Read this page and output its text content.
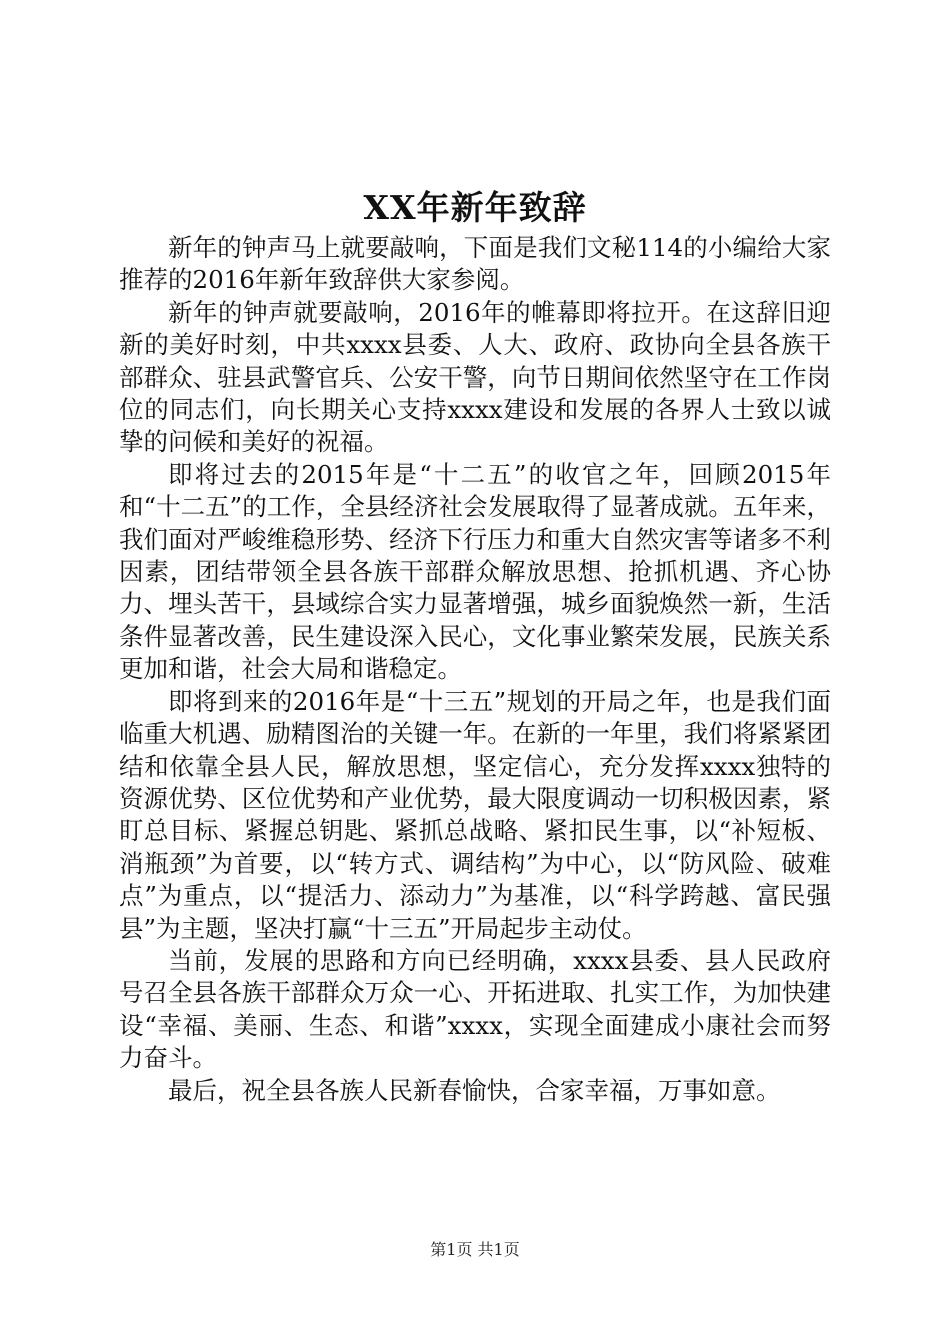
XX年新年致辞

新年的钟声马上就要敲响，下面是我们文秘114的小编给大家推荐的2016年新年致辞供大家参阅。

新年的钟声就要敲响，2016年的帷幕即将拉开。在这辞旧迎新的美好时刻，中共xxxx县委、人大、政府、政协向全县各族干部群众、驻县武警官兵、公安干警，向节日期间依然坚守在工作岗位的同志们，向长期关心支持xxxx建设和发展的各界人士致以诚挚的问候和美好的祝福。

即将过去的2015年是“十二五”的收官之年，回顾2015年和“十二五”的工作，全县经济社会发展取得了显著成就。五年来，我们面对严峻维稳形势、经济下行压力和重大自然灾害等诸多不利因素，团结带领全县各族干部群众解放思想、抢抓机遇、齐心协力、埋头苦干，县域综合实力显著增强，城乡面貌焕然一新，生活条件显著改善，民生建设深入民心，文化事业繁荣发展，民族关系更加和谐，社会大局和谐稳定。

即将到来的2016年是“十三五”规划的开局之年，也是我们面临重大机遇、励精图治的关键一年。在新的一年里，我们将紧紧团结和依靠全县人民，解放思想，坚定信心，充分发挥xxxx独特的资源优势、区位优势和产业优势，最大限度调动一切积极因素，紧盯总目标、紧握总钥匙、紧抓总战略、紧扣民生事，以“补短板、消瓶颈”为首要，以“转方式、调结构”为中心，以“防风险、破难点”为重点，以“提活力、添动力”为基准，以“科学跨越、富民强县”为主题，坚决打赢“十三五”开局起步主动仗。

当前，发展的思路和方向已经明确，xxxx县委、县人民政府号召全县各族干部群众万众一心、开拓进取、扎实工作，为加快建设“幸福、美丽、生态、和谐”xxxx，实现全面建成小康社会而努力奋斗。

最后，祝全县各族人民新春愉快，合家幸福，万事如意。

第1页 共1页
